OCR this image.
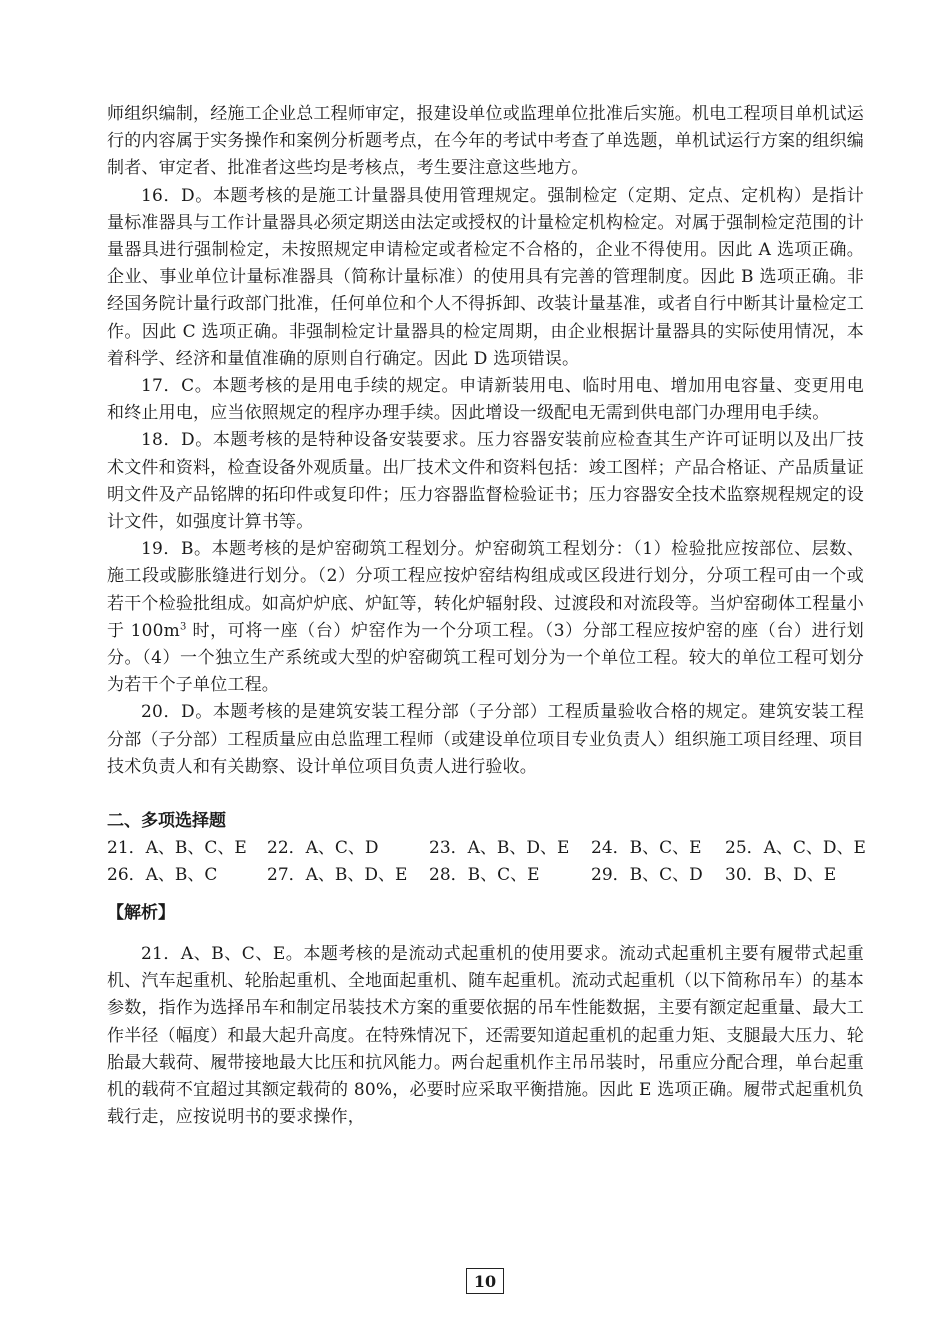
师组织编制，经施工企业总工程师审定，报建设单位或监理单位批准后实施。机电工程项目单机试运行的内容属于实务操作和案例分析题考点，在今年的考试中考查了单选题，单机试运行方案的组织编制者、审定者、批准者这些均是考核点，考生要注意这些地方。

16．D。本题考核的是施工计量器具使用管理规定。强制检定（定期、定点、定机构）是指计量标准器具与工作计量器具必须定期送由法定或授权的计量检定机构检定。对属于强制检定范围的计量器具进行强制检定，未按照规定申请检定或者检定不合格的，企业不得使用。因此 A 选项正确。企业、事业单位计量标准器具（简称计量标准）的使用具有完善的管理制度。因此 B 选项正确。非经国务院计量行政部门批准，任何单位和个人不得拆卸、改装计量基准，或者自行中断其计量检定工作。因此 C 选项正确。非强制检定计量器具的检定周期，由企业根据计量器具的实际使用情况，本着科学、经济和量值准确的原则自行确定。因此 D 选项错误。

17．C。本题考核的是用电手续的规定。申请新装用电、临时用电、增加用电容量、变更用电和终止用电，应当依照规定的程序办理手续。因此增设一级配电无需到供电部门办理用电手续。

18．D。本题考核的是特种设备安装要求。压力容器安装前应检查其生产许可证明以及出厂技术文件和资料，检查设备外观质量。出厂技术文件和资料包括：竣工图样；产品合格证、产品质量证明文件及产品铭牌的拓印件或复印件；压力容器监督检验证书；压力容器安全技术监察规程规定的设计文件，如强度计算书等。

19．B。本题考核的是炉窑砌筑工程划分。炉窑砌筑工程划分：（1）检验批应按部位、层数、施工段或膨胀缝进行划分。（2）分项工程应按炉窑结构组成或区段进行划分，分项工程可由一个或若干个检验批组成。如高炉炉底、炉缸等，转化炉辐射段、过渡段和对流段等。当炉窑砌体工程量小于 $100m^3$ 时，可将一座（台）炉窑作为一个分项工程。（3）分部工程应按炉窑的座（台）进行划分。（4）一个独立生产系统或大型的炉窑砌筑工程可划分为一个单位工程。较大的单位工程可划分为若干个子单位工程。

20．D。本题考核的是建筑安装工程分部（子分部）工程质量验收合格的规定。建筑安装工程分部（子分部）工程质量应由总监理工程师（或建设单位项目专业负责人）组织施工项目经理、项目技术负责人和有关勘察、设计单位项目负责人进行验收。

二、多项选择题
21．A、B、C、E	22．A、C、D	23．A、B、D、E	24．B、C、E	25．A、C、D、E
26．A、B、C	27．A、B、D、E	28．B、C、E	29．B、C、D	30．B、D、E
【解析】

21．A、B、C、E。本题考核的是流动式起重机的使用要求。流动式起重机主要有履带式起重机、汽车起重机、轮胎起重机、全地面起重机、随车起重机。流动式起重机（以下简称吊车）的基本参数，指作为选择吊车和制定吊装技术方案的重要依据的吊车性能数据，主要有额定起重量、最大工作半径（幅度）和最大起升高度。在特殊情况下，还需要知道起重机的起重力矩、支腿最大压力、轮胎最大载荷、履带接地最大比压和抗风能力。两台起重机作主吊吊装时，吊重应分配合理，单台起重机的载荷不宜超过其额定载荷的 80%，必要时应采取平衡措施。因此 E 选项正确。履带式起重机负载行走，应按说明书的要求操作，

10
